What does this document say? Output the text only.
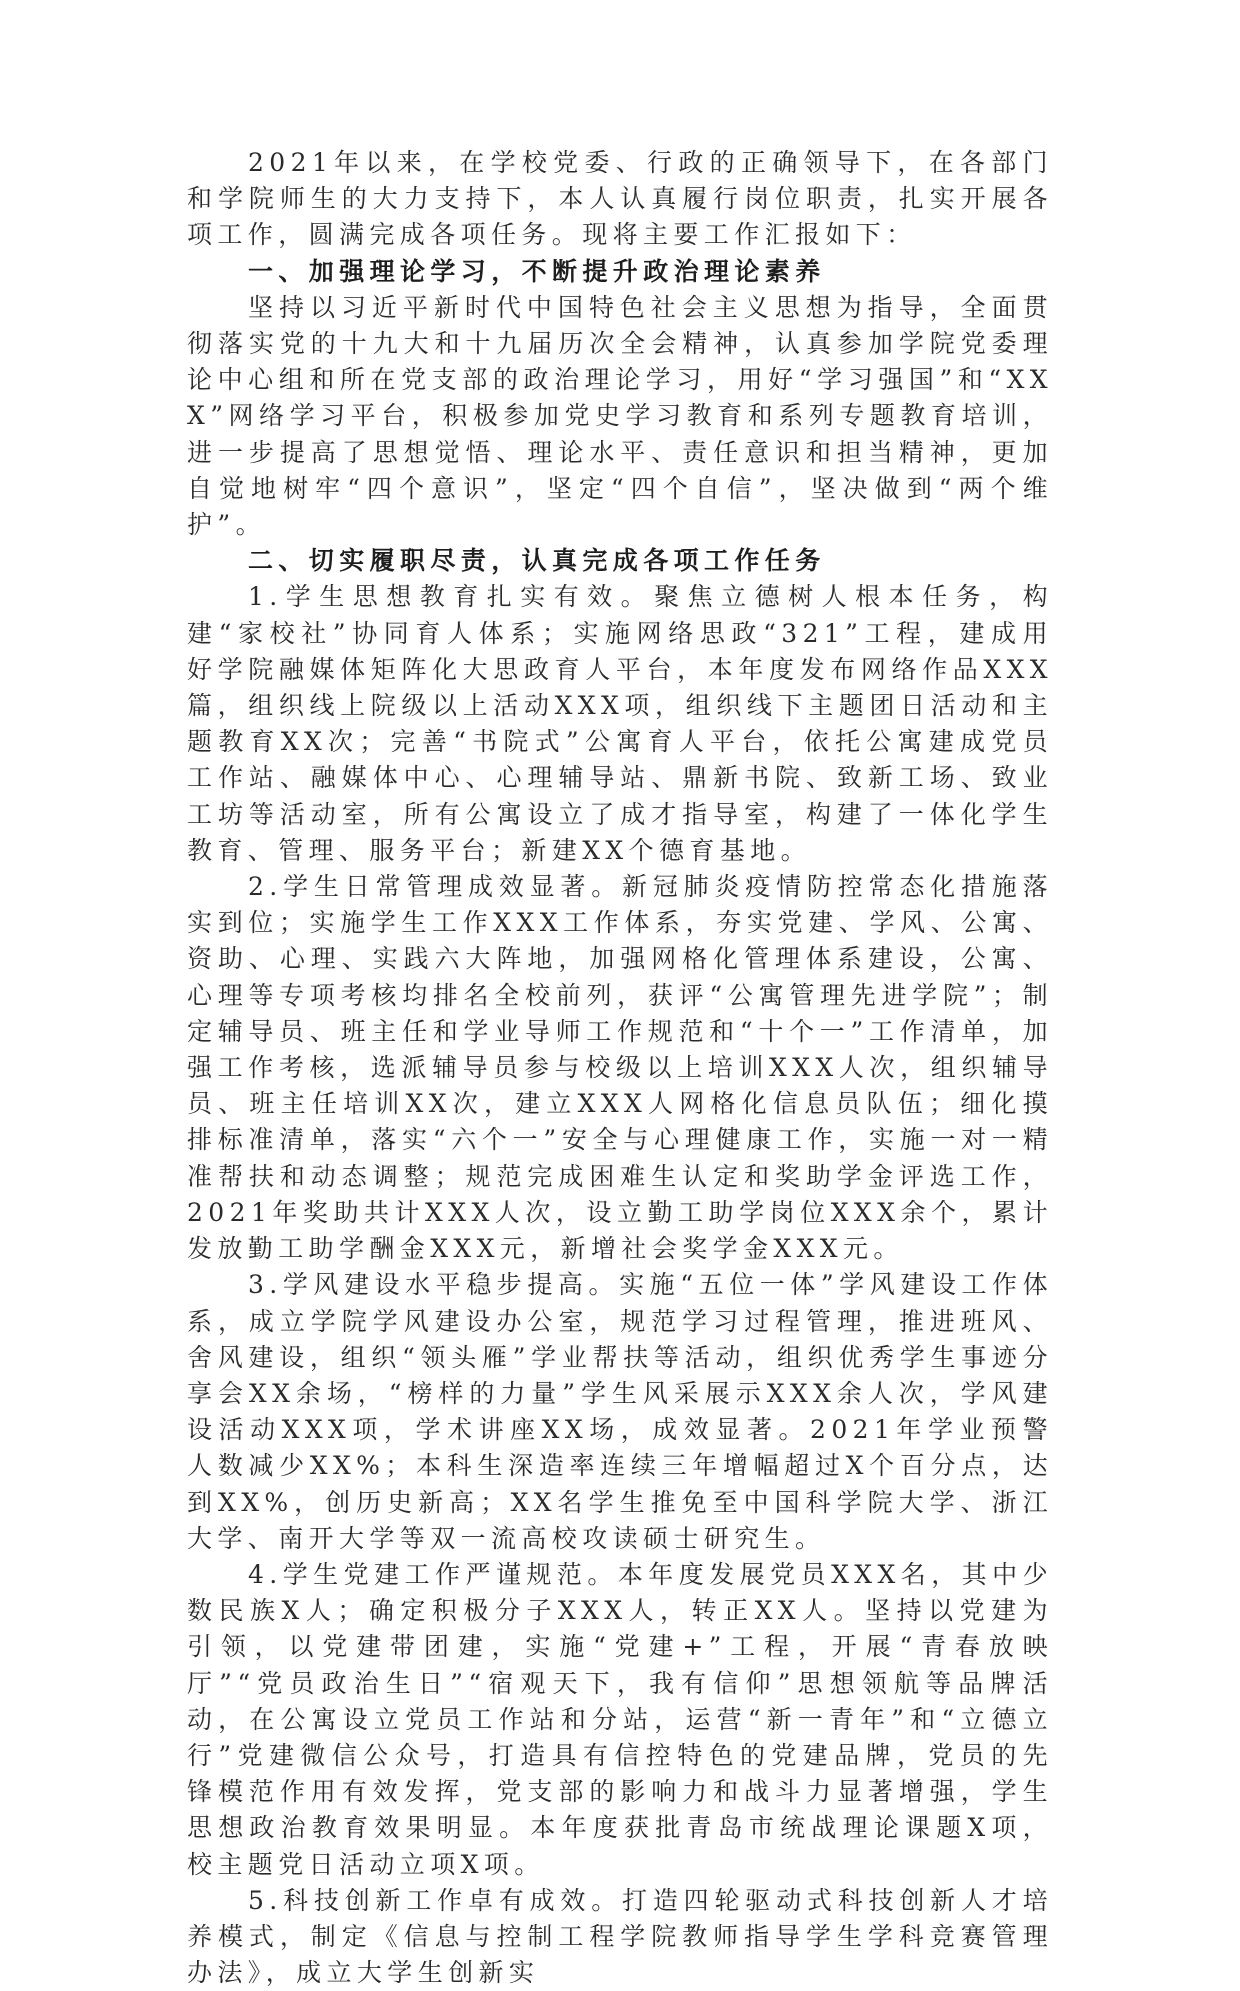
2021年以来，在学校党委、行政的正确领导下，在各部门和学院师生的大力支持下，本人认真履行岗位职责，扎实开展各项工作，圆满完成各项任务。现将主要工作汇报如下：

一、加强理论学习，不断提升政治理论素养

坚持以习近平新时代中国特色社会主义思想为指导，全面贯彻落实党的十九大和十九届历次全会精神，认真参加学院党委理论中心组和所在党支部的政治理论学习，用好“学习强国”和“XXX”网络学习平台，积极参加党史学习教育和系列专题教育培训，进一步提高了思想觉悟、理论水平、责任意识和担当精神，更加自觉地树牢“四个意识”，坚定“四个自信”，坚决做到“两个维护”。

二、切实履职尽责，认真完成各项工作任务

1.学生思想教育扎实有效。聚焦立德树人根本任务，构建“家校社”协同育人体系；实施网络思政“321”工程，建成用好学院融媒体矩阵化大思政育人平台，本年度发布网络作品XXX篇，组织线上院级以上活动XXX项，组织线下主题团日活动和主题教育XX次；完善“书院式”公寓育人平台，依托公寓建成党员工作站、融媒体中心、心理辅导站、鼎新书院、致新工场、致业工坊等活动室，所有公寓设立了成才指导室，构建了一体化学生教育、管理、服务平台；新建XX个德育基地。

2.学生日常管理成效显著。新冠肺炎疫情防控常态化措施落实到位；实施学生工作XXX工作体系，夯实党建、学风、公寓、资助、心理、实践六大阵地，加强网格化管理体系建设，公寓、心理等专项考核均排名全校前列，获评“公寓管理先进学院”；制定辅导员、班主任和学业导师工作规范和“十个一”工作清单，加强工作考核，选派辅导员参与校级以上培训XXX人次，组织辅导员、班主任培训XX次，建立XXX人网格化信息员队伍；细化摸排标准清单，落实“六个一”安全与心理健康工作，实施一对一精准帮扶和动态调整；规范完成困难生认定和奖助学金评选工作，2021年奖助共计XXX人次，设立勤工助学岗位XXX余个，累计发放勤工助学酬金XXX元，新增社会奖学金XXX元。

3.学风建设水平稳步提高。实施“五位一体”学风建设工作体系，成立学院学风建设办公室，规范学习过程管理，推进班风、舍风建设，组织“领头雁”学业帮扶等活动，组织优秀学生事迹分享会XX余场，“榜样的力量”学生风采展示XXX余人次，学风建设活动XXX项，学术讲座XX场，成效显著。2021年学业预警人数减少XX%；本科生深造率连续三年增幅超过X个百分点，达到XX%，创历史新高；XX名学生推免至中国科学院大学、浙江大学、南开大学等双一流高校攻读硕士研究生。

4.学生党建工作严谨规范。本年度发展党员XXX名，其中少数民族X人；确定积极分子XXX人，转正XX人。坚持以党建为引领，以党建带团建，实施“党建+”工程，开展“青春放映厅”“党员政治生日”“宿观天下，我有信仰”思想领航等品牌活动，在公寓设立党员工作站和分站，运营“新一青年”和“立德立行”党建微信公众号，打造具有信控特色的党建品牌，党员的先锋模范作用有效发挥，党支部的影响力和战斗力显著增强，学生思想政治教育效果明显。本年度获批青岛市统战理论课题X项，校主题党日活动立项X项。

5.科技创新工作卓有成效。打造四轮驱动式科技创新人才培养模式，制定《信息与控制工程学院教师指导学生学科竞赛管理办法》，成立大学生创新实
